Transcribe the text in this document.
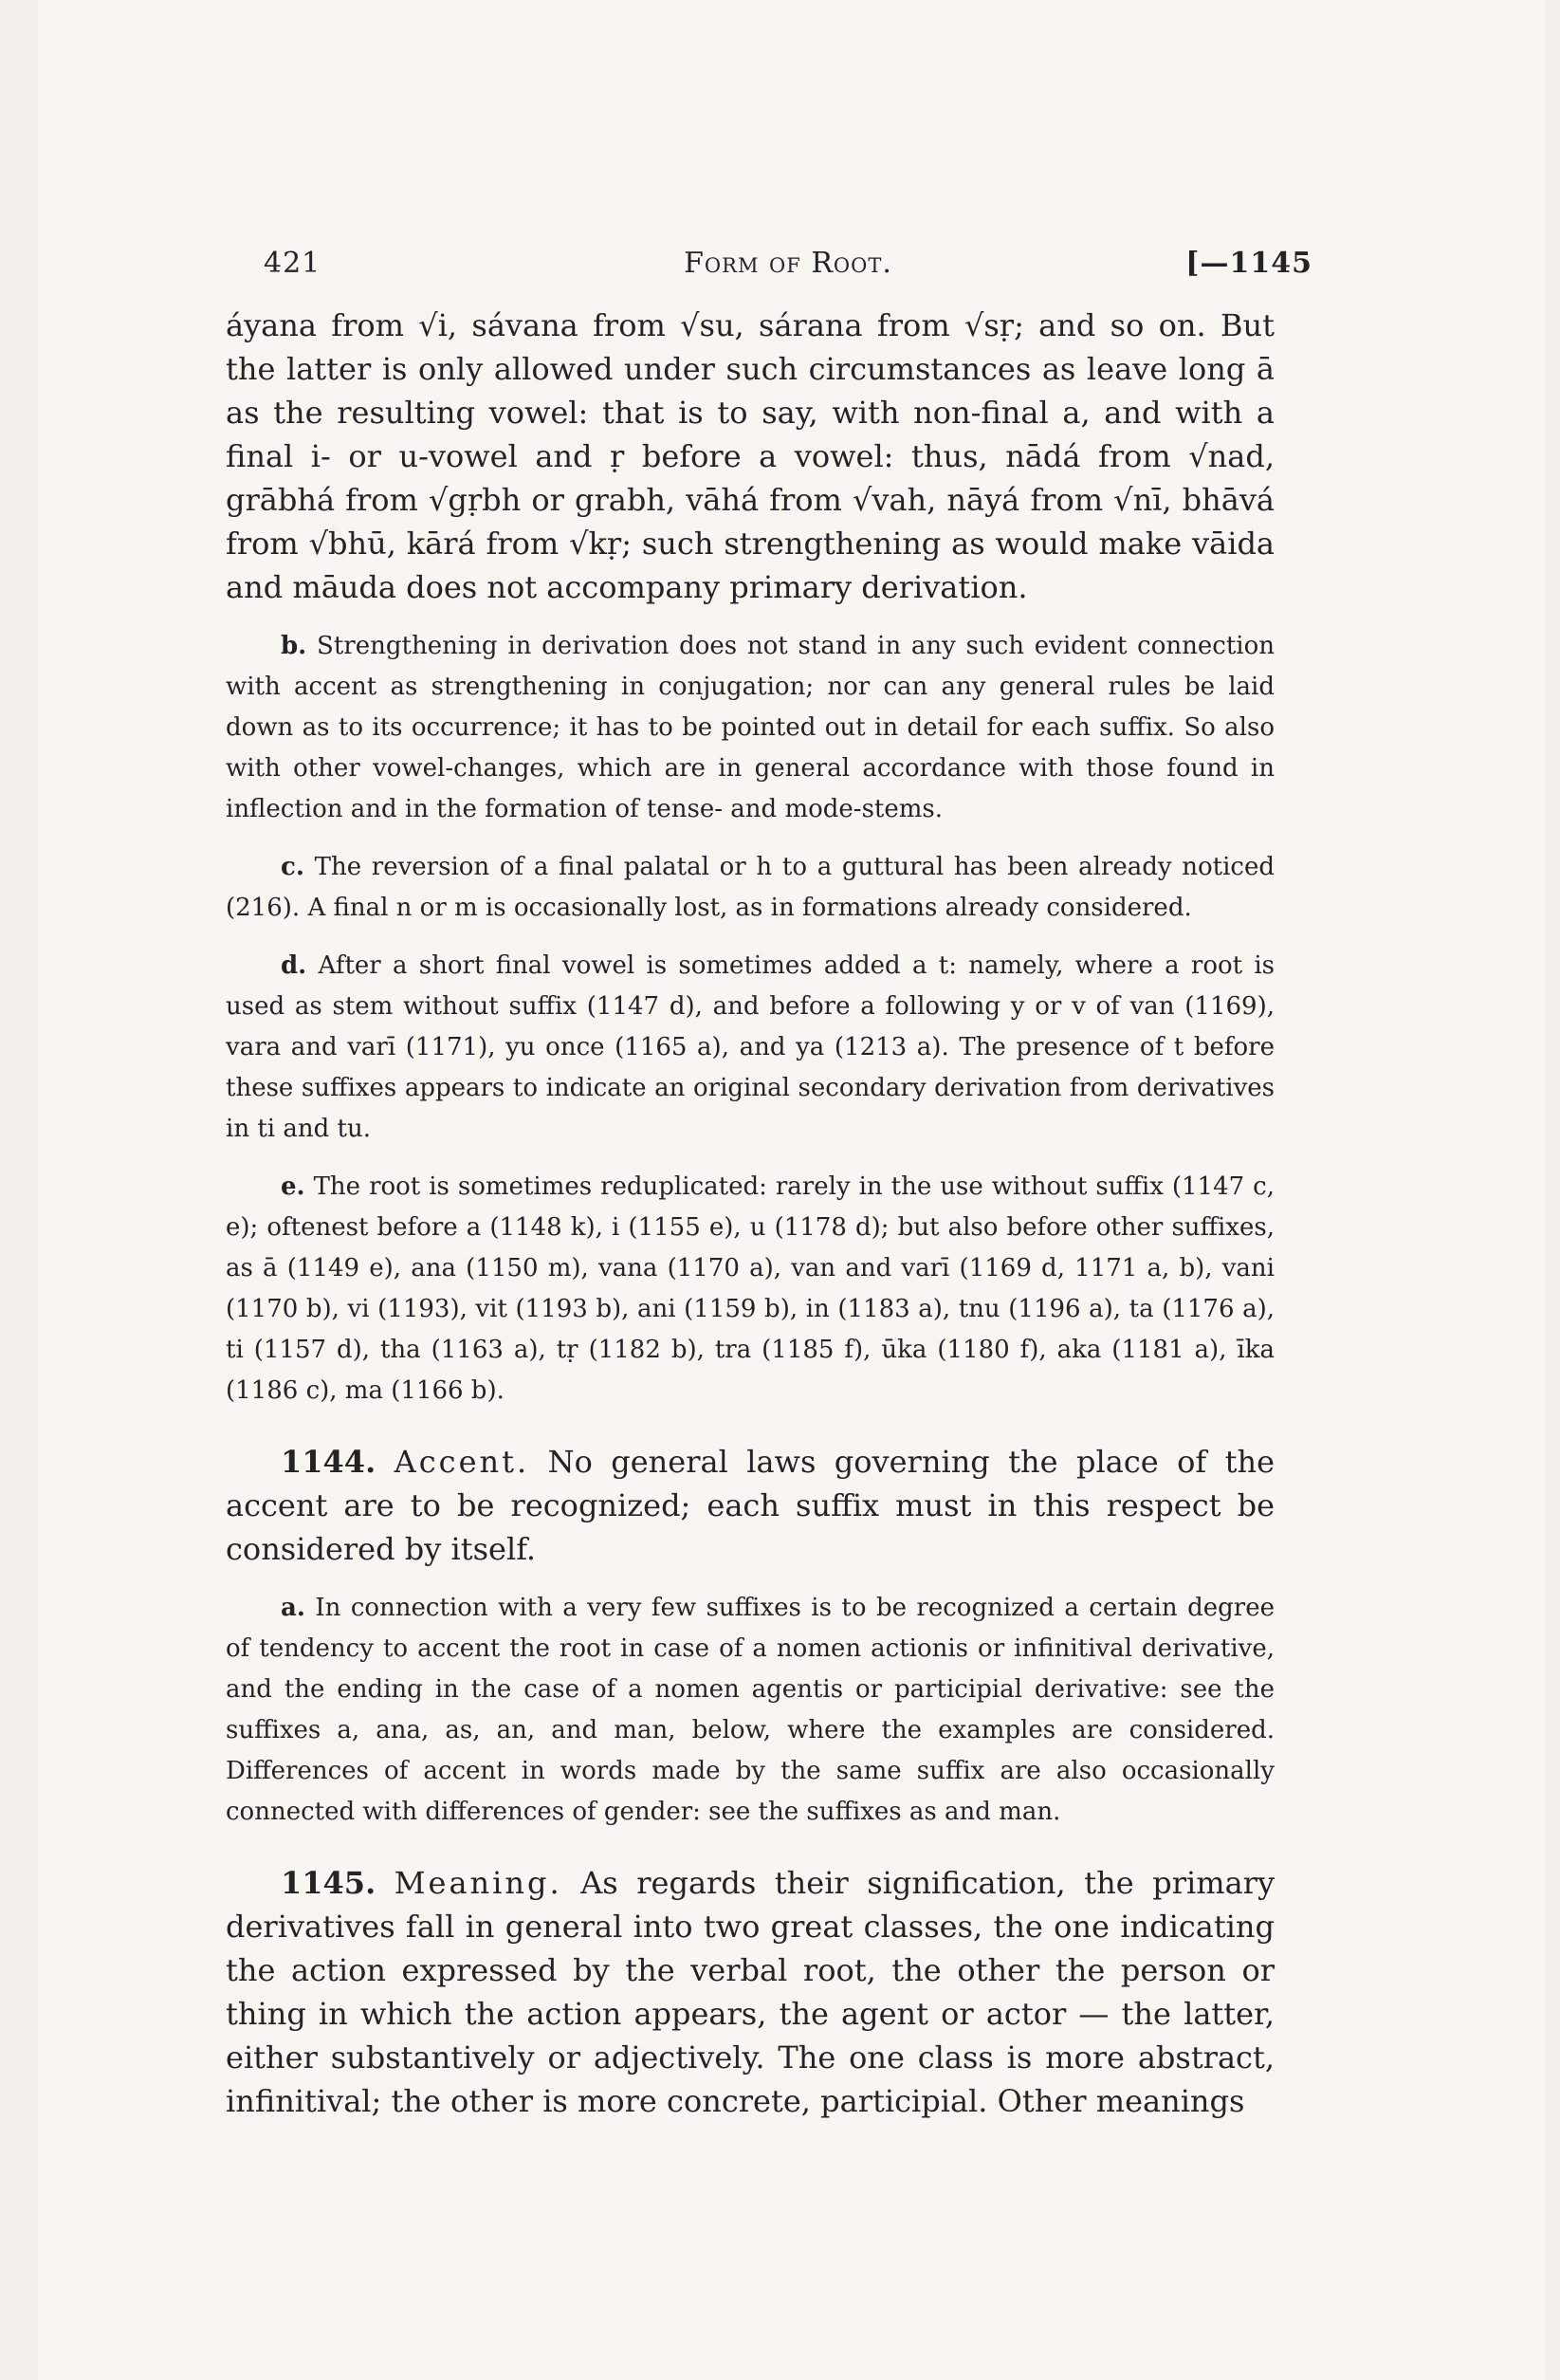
421	Form of Root.	[—1145

áyana from √i, sávana from √su, sárana from √sṛ; and so on. But the latter is only allowed under such circumstances as leave long ā as the resulting vowel: that is to say, with non-final a, and with a final i- or u-vowel and ṛ before a vowel: thus, nādá from √nad, grābhá from √gṛbh or grabh, vāhá from √vah, nāyá from √nī, bhāvá from √bhū, kārá from √kṛ; such strengthening as would make vāida and māuda does not accompany primary derivation.

b. Strengthening in derivation does not stand in any such evident connection with accent as strengthening in conjugation; nor can any general rules be laid down as to its occurrence; it has to be pointed out in detail for each suffix. So also with other vowel-changes, which are in general accordance with those found in inflection and in the formation of tense- and mode-stems.

c. The reversion of a final palatal or h to a guttural has been already noticed (216). A final n or m is occasionally lost, as in formations already considered.

d. After a short final vowel is sometimes added a t: namely, where a root is used as stem without suffix (1147 d), and before a following y or v of van (1169), vara and varī (1171), yu once (1165 a), and ya (1213 a). The presence of t before these suffixes appears to indicate an original secondary derivation from derivatives in ti and tu.

e. The root is sometimes reduplicated: rarely in the use without suffix (1147 c, e); oftenest before a (1148 k), i (1155 e), u (1178 d); but also before other suffixes, as ā (1149 e), ana (1150 m), vana (1170 a), van and varī (1169 d, 1171 a, b), vani (1170 b), vi (1193), vit (1193 b), ani (1159 b), in (1183 a), tnu (1196 a), ta (1176 a), ti (1157 d), tha (1163 a), tṛ (1182 b), tra (1185 f), ūka (1180 f), aka (1181 a), īka (1186 c), ma (1166 b).

1144. Accent. No general laws governing the place of the accent are to be recognized; each suffix must in this respect be considered by itself.

a. In connection with a very few suffixes is to be recognized a certain degree of tendency to accent the root in case of a nomen actionis or infinitival derivative, and the ending in the case of a nomen agentis or participial derivative: see the suffixes a, ana, as, an, and man, below, where the examples are considered. Differences of accent in words made by the same suffix are also occasionally connected with differences of gender: see the suffixes as and man.

1145. Meaning. As regards their signification, the primary derivatives fall in general into two great classes, the one indicating the action expressed by the verbal root, the other the person or thing in which the action appears, the agent or actor — the latter, either substantively or adjectively. The one class is more abstract, infinitival; the other is more concrete, participial. Other meanings
